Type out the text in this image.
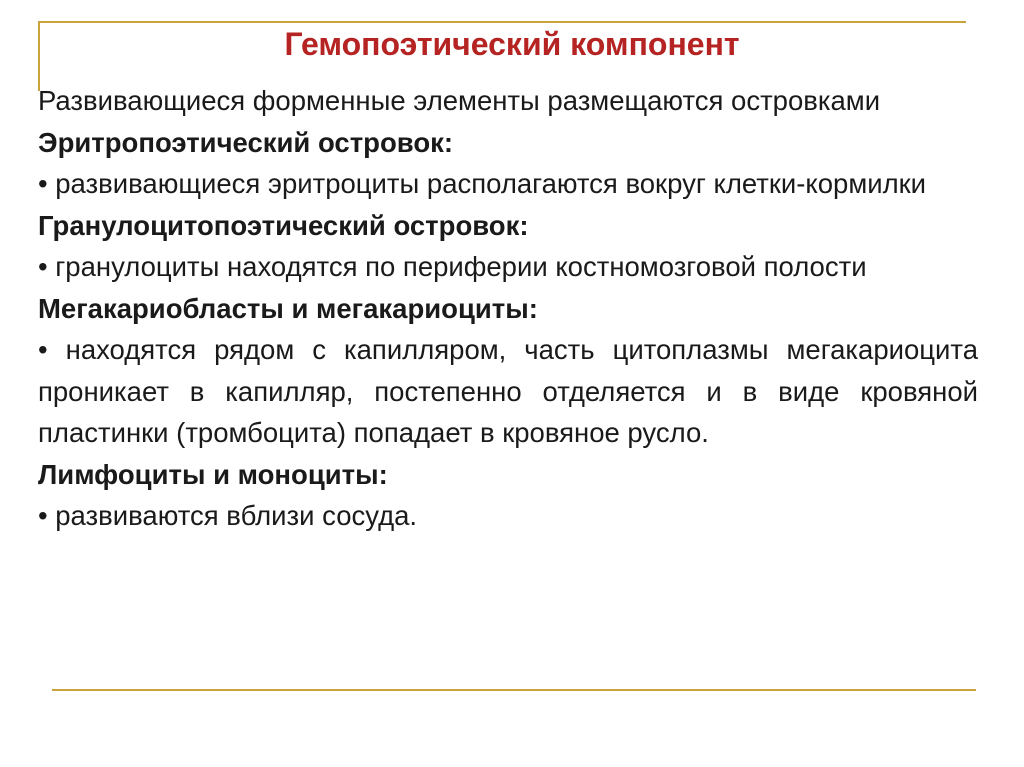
Гемопоэтический компонент

Развивающиеся форменные элементы размещаются островками

Эритропоэтический островок:

• развивающиеся эритроциты располагаются вокруг клетки-кормилки

Гранулоцитопоэтический островок:

• гранулоциты находятся по периферии костномозговой полости

Мегакариобласты и мегакариоциты:

• находятся рядом с капилляром, часть цитоплазмы мегакариоцита проникает в капилляр, постепенно отделяется и в виде кровяной пластинки (тромбоцита) попадает в кровяное русло.

Лимфоциты и моноциты:

• развиваются вблизи сосуда.
